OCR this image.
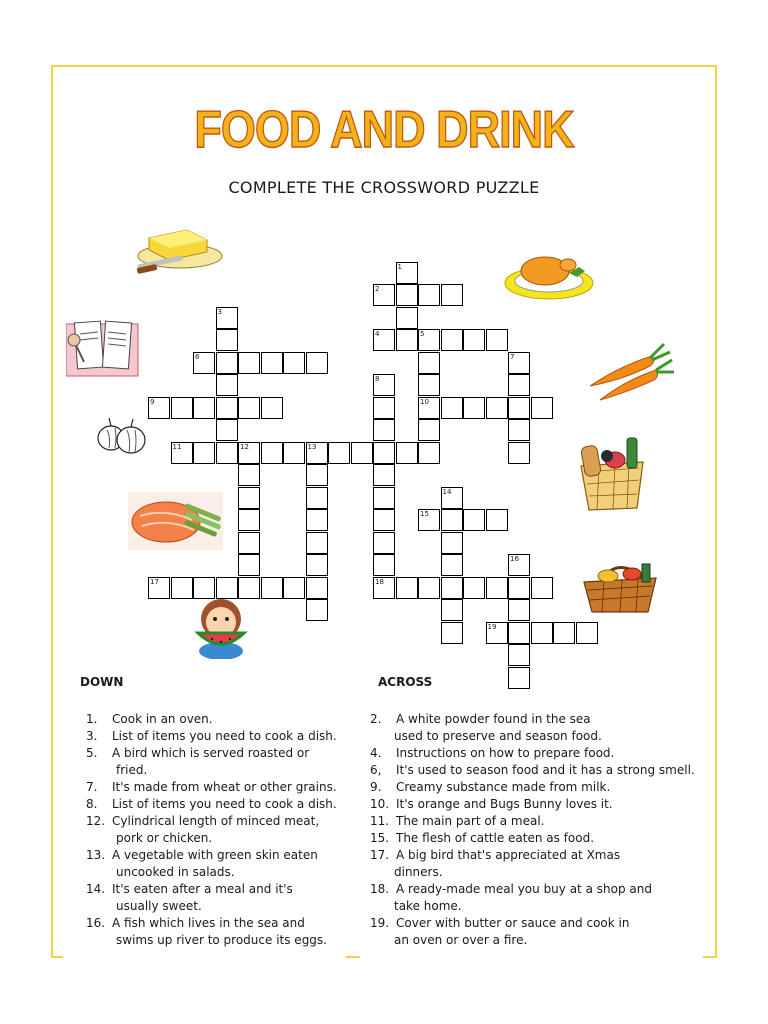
FOOD AND DRINK
COMPLETE THE CROSSWORD PUZZLE
1
2
3
4	5
6	7
8
9	10
11	12	13
14
15
16
17	18
19
DOWN	ACROSS
1. Cook in an oven.
3. List of items you need to cook a dish.
5. A bird which is served roasted or
fried.
7. It's made from wheat or other grains.
8. List of items you need to cook a dish.
12. Cylindrical length of minced meat,
pork or chicken.
13. A vegetable with green skin eaten
uncooked in salads.
14. It's eaten after a meal and it's
usually sweet.
16. A fish which lives in the sea and
swims up river to produce its eggs.
2. A white powder found in the sea
used to preserve and season food.
4. Instructions on how to prepare food.
6, It's used to season food and it has a strong smell.
9. Creamy substance made from milk.
10. It's orange and Bugs Bunny loves it.
11. The main part of a meal.
15. The flesh of cattle eaten as food.
17. A big bird that's appreciated at Xmas
dinners.
18. A ready-made meal you buy at a shop and
take home.
19. Cover with butter or sauce and cook in
an oven or over a fire.
